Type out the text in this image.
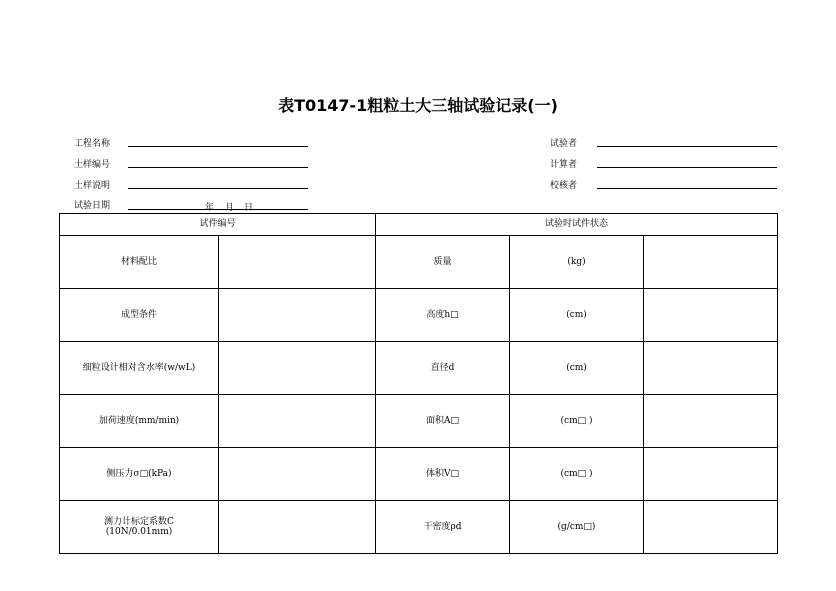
表T0147-1粗粒土大三轴试验记录(一)
工程名称
土样编号
土样说明
试验日期	年 月 日
试验者
计算者
校核者
试件编号		试验时试件状态		
材料配比		质量	(kg)	
成型条件		高度h□	(cm)	
细粒设计相对含水率(w/wL)		直径d	(cm)	
加荷速度(mm/min)		面积A□	(cm□ )	
侧压力σ□(kPa)		体积V□	(cm□ )	

测力计标定系数C
(10N/0.01mm)		干密度ρd	(g/cm□)	
